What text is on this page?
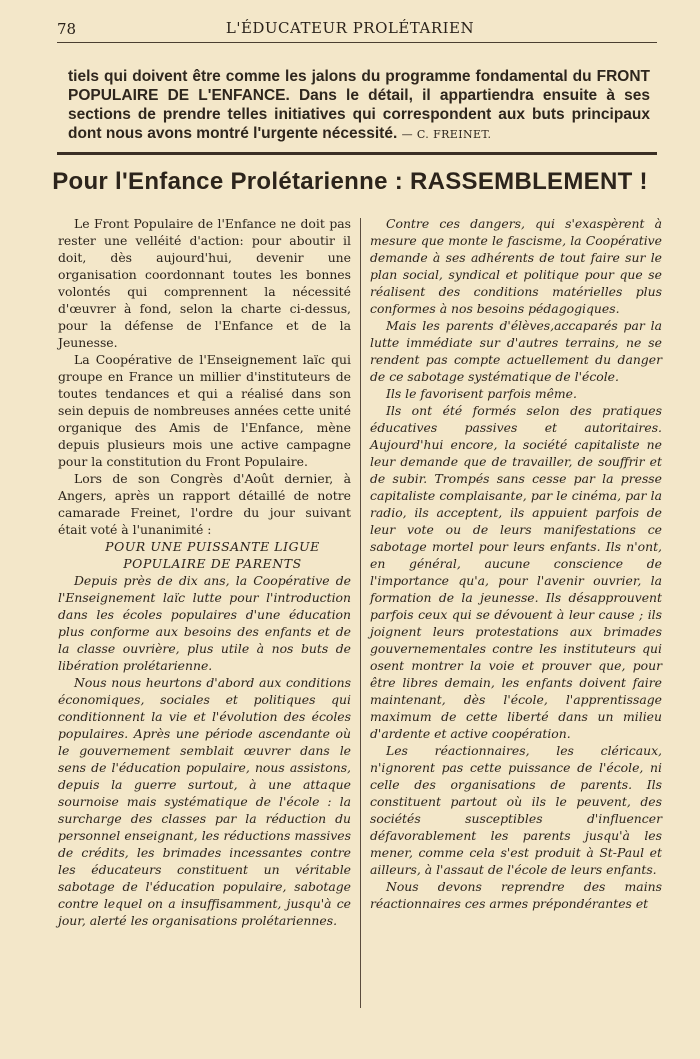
78	L'ÉDUCATEUR PROLÉTARIEN
tiels qui doivent être comme les jalons du programme fondamental du FRONT POPULAIRE DE L'ENFANCE. Dans le détail, il appartiendra ensuite à ses sections de prendre telles initiatives qui correspondent aux buts principaux dont nous avons montré l'urgente nécessité. — C. FREINET.
Pour l'Enfance Prolétarienne : RASSEMBLEMENT !

Le Front Populaire de l'Enfance ne doit pas rester une velléité d'action: pour aboutir il doit, dès aujourd'hui, devenir une organisation coordonnant toutes les bonnes volontés qui comprennent la nécessité d'œuvrer à fond, selon la charte ci-dessus, pour la défense de l'Enfance et de la Jeunesse.

La Coopérative de l'Enseignement laïc qui groupe en France un millier d'instituteurs de toutes tendances et qui a réalisé dans son sein depuis de nombreuses années cette unité organique des Amis de l'Enfance, mène depuis plusieurs mois une active campagne pour la constitution du Front Populaire.

Lors de son Congrès d'Août dernier, à Angers, après un rapport détaillé de notre camarade Freinet, l'ordre du jour suivant était voté à l'unanimité :

POUR UNE PUISSANTE LIGUE

POPULAIRE DE PARENTS

Depuis près de dix ans, la Coopérative de l'Enseignement laïc lutte pour l'introduction dans les écoles populaires d'une éducation plus conforme aux besoins des enfants et de la classe ouvrière, plus utile à nos buts de libération prolétarienne.

Nous nous heurtons d'abord aux conditions économiques, sociales et politiques qui conditionnent la vie et l'évolution des écoles populaires. Après une période ascendante où le gouvernement semblait œuvrer dans le sens de l'éducation populaire, nous assistons, depuis la guerre surtout, à une attaque sournoise mais systématique de l'école : la surcharge des classes par la réduction du personnel enseignant, les réductions massives de crédits, les brimades incessantes contre les éducateurs constituent un véritable sabotage de l'éducation populaire, sabotage contre lequel on a insuffisamment, jusqu'à ce jour, alerté les organisations prolétariennes.

Contre ces dangers, qui s'exaspèrent à mesure que monte le fascisme, la Coopérative demande à ses adhérents de tout faire sur le plan social, syndical et politique pour que se réalisent des conditions matérielles plus conformes à nos besoins pédagogiques.

Mais les parents d'élèves,accaparés par la lutte immédiate sur d'autres terrains, ne se rendent pas compte actuellement du danger de ce sabotage systématique de l'école.

Ils le favorisent parfois même.

Ils ont été formés selon des pratiques éducatives passives et autoritaires. Aujourd'hui encore, la société capitaliste ne leur demande que de travailler, de souffrir et de subir. Trompés sans cesse par la presse capitaliste complaisante, par le cinéma, par la radio, ils acceptent, ils appuient parfois de leur vote ou de leurs manifestations ce sabotage mortel pour leurs enfants. Ils n'ont, en général, aucune conscience de l'importance qu'a, pour l'avenir ouvrier, la formation de la jeunesse. Ils désapprouvent parfois ceux qui se dévouent à leur cause ; ils joignent leurs protestations aux brimades gouvernementales contre les instituteurs qui osent montrer la voie et prouver que, pour être libres demain, les enfants doivent faire maintenant, dès l'école, l'apprentissage maximum de cette liberté dans un milieu d'ardente et active coopération.

Les réactionnaires, les cléricaux, n'ignorent pas cette puissance de l'école, ni celle des organisations de parents. Ils constituent partout où ils le peuvent, des sociétés susceptibles d'influencer défavorablement les parents jusqu'à les mener, comme cela s'est produit à St-Paul et ailleurs, à l'assaut de l'école de leurs enfants.

Nous devons reprendre des mains réactionnaires ces armes prépondérantes et
